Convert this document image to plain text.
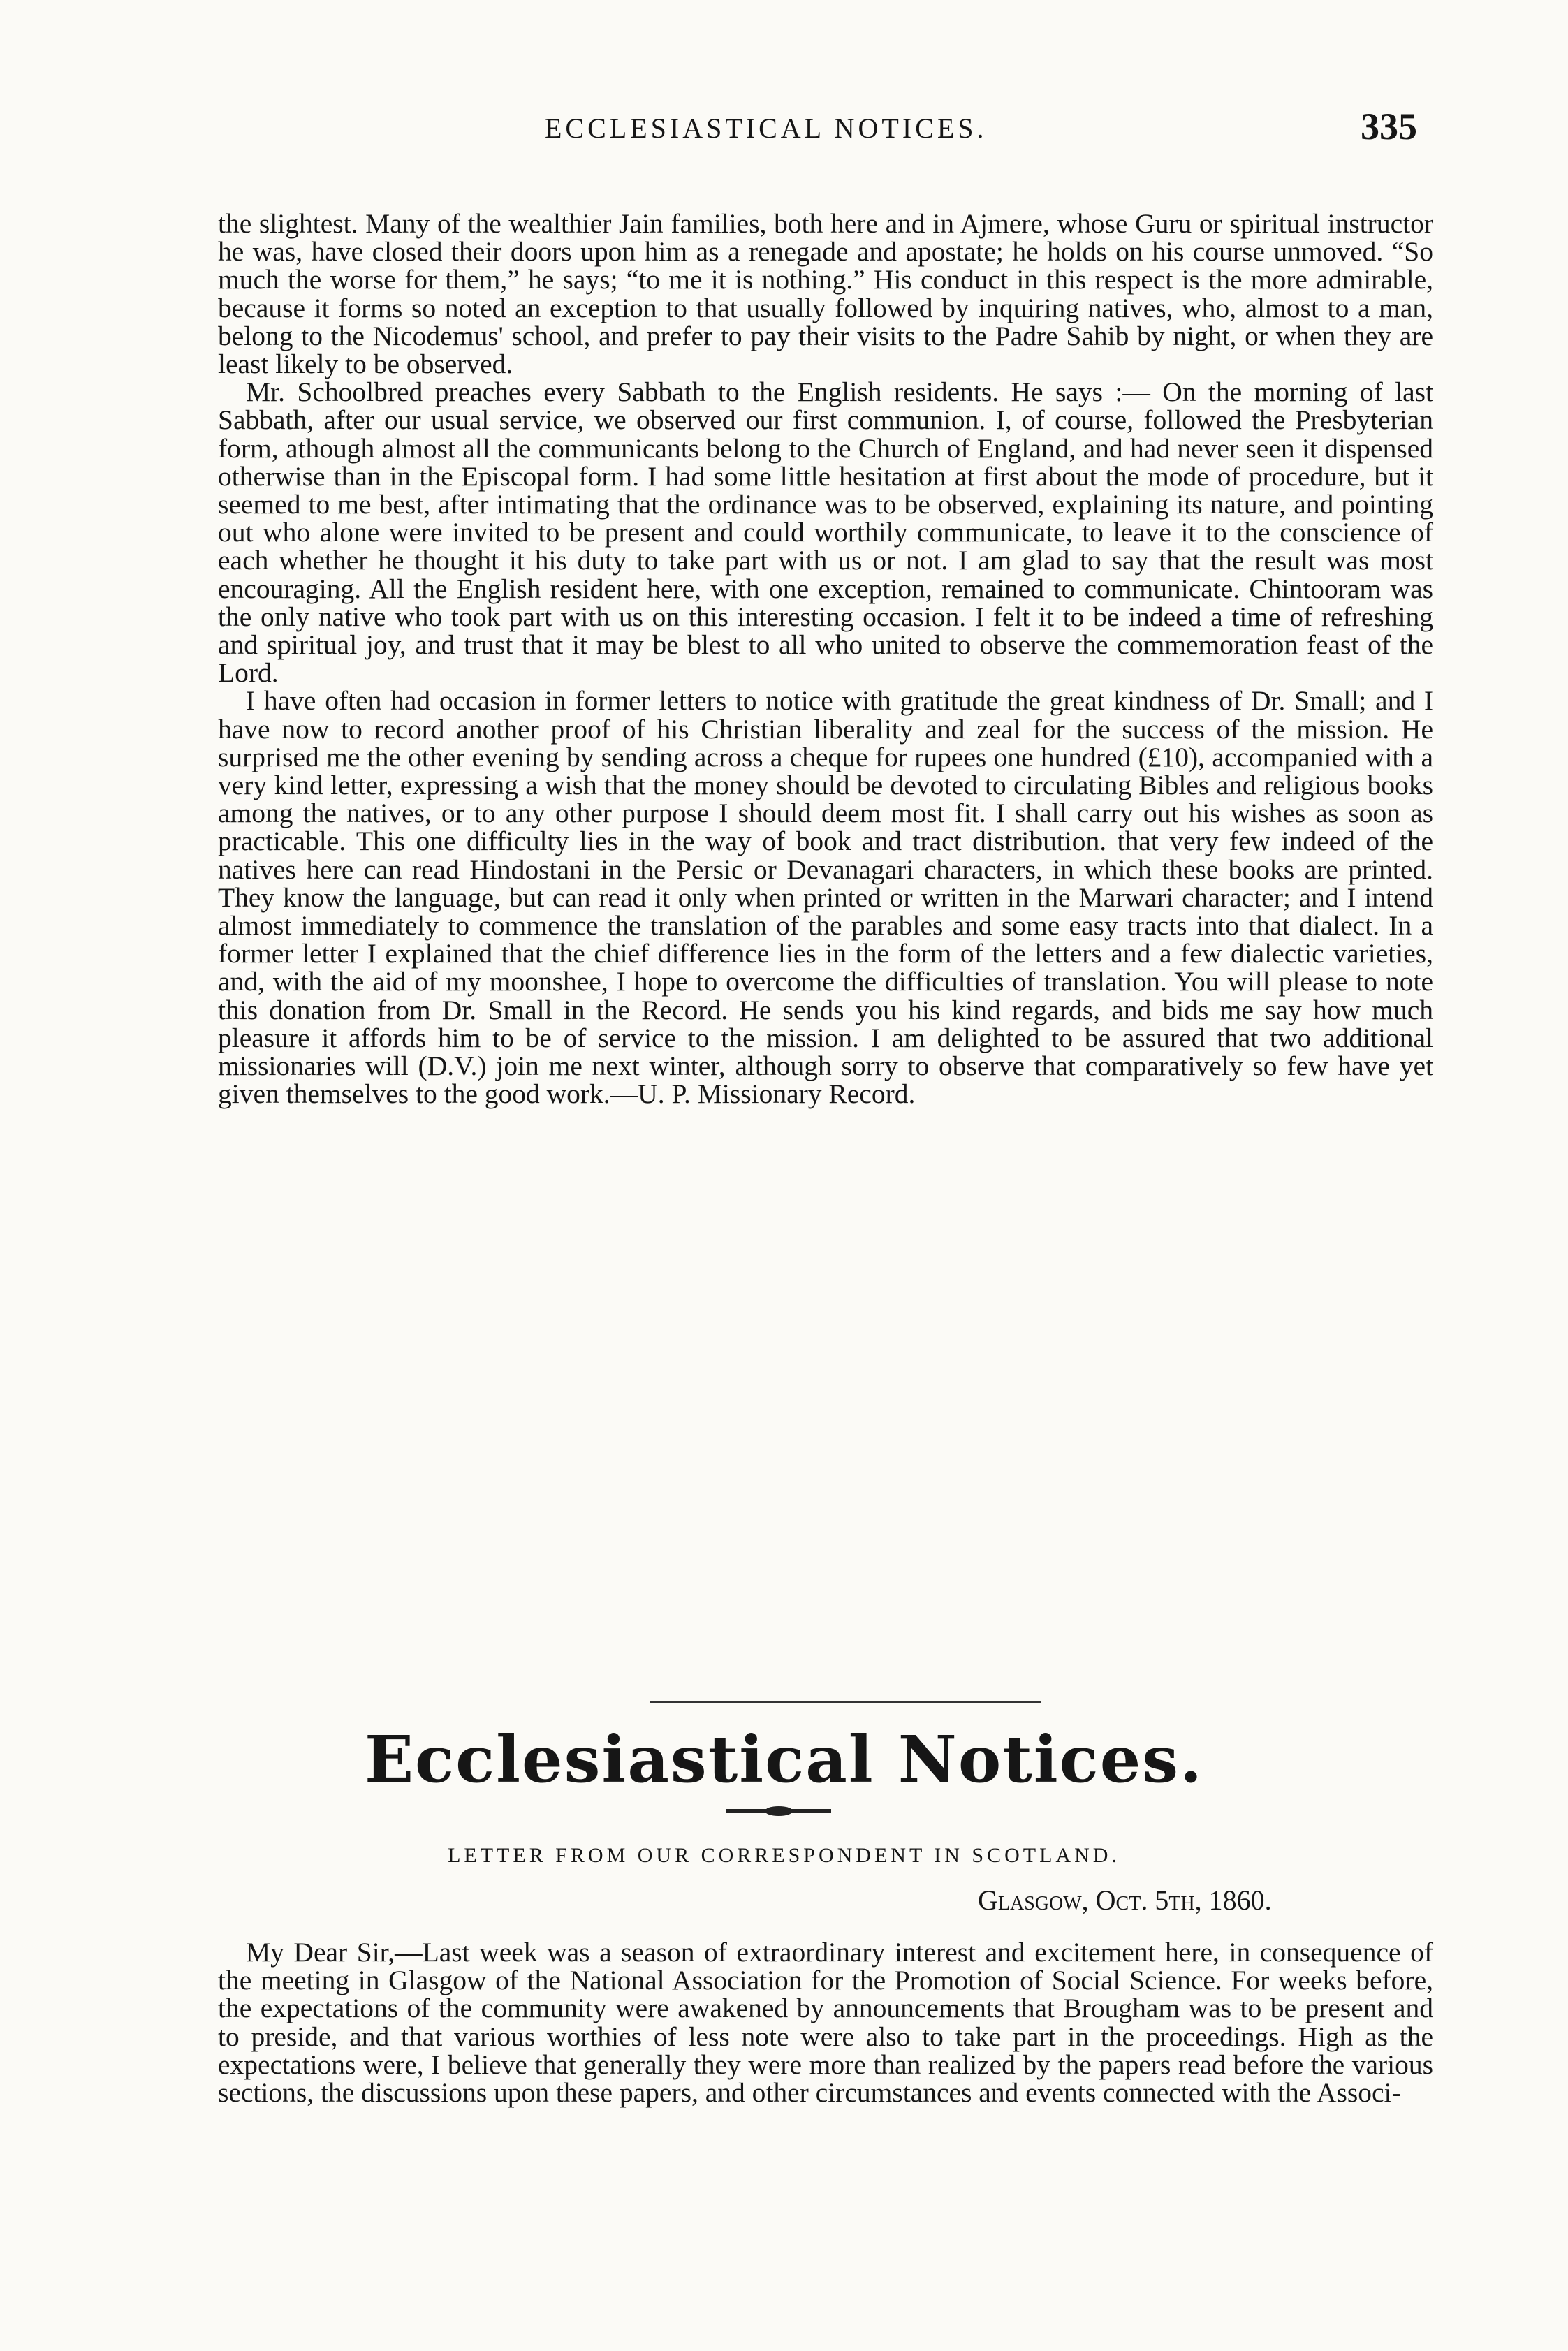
ECCLESIASTICAL NOTICES.	335

the slightest. Many of the wealthier Jain families, both here and in Ajmere, whose Guru or spiritual instructor he was, have closed their doors upon him as a renegade and apostate; he holds on his course unmoved. “So much the worse for them,” he says; “to me it is nothing.” His conduct in this respect is the more admirable, because it forms so noted an exception to that usually followed by inquiring natives, who, almost to a man, belong to the Nicodemus' school, and prefer to pay their visits to the Padre Sahib by night, or when they are least likely to be observed.

Mr. Schoolbred preaches every Sabbath to the English residents. He says :— On the morning of last Sabbath, after our usual service, we observed our first communion. I, of course, followed the Presbyterian form, athough almost all the communicants belong to the Church of England, and had never seen it dispensed otherwise than in the Episcopal form. I had some little hesitation at first about the mode of procedure, but it seemed to me best, after intimating that the ordinance was to be observed, explaining its nature, and pointing out who alone were invited to be present and could worthily communicate, to leave it to the conscience of each whether he thought it his duty to take part with us or not. I am glad to say that the result was most encouraging. All the English resident here, with one exception, remained to communicate. Chintooram was the only native who took part with us on this interesting occasion. I felt it to be indeed a time of refreshing and spiritual joy, and trust that it may be blest to all who united to observe the commemoration feast of the Lord.

I have often had occasion in former letters to notice with gratitude the great kindness of Dr. Small; and I have now to record another proof of his Christian liberality and zeal for the success of the mission. He surprised me the other evening by sending across a cheque for rupees one hundred (£10), accompanied with a very kind letter, expressing a wish that the money should be devoted to circulating Bibles and religious books among the natives, or to any other purpose I should deem most fit. I shall carry out his wishes as soon as practicable. This one difficulty lies in the way of book and tract distribution. that very few indeed of the natives here can read Hindostani in the Persic or Devanagari characters, in which these books are printed. They know the language, but can read it only when printed or written in the Marwari character; and I intend almost immediately to commence the translation of the parables and some easy tracts into that dialect. In a former letter I explained that the chief difference lies in the form of the letters and a few dialectic varieties, and, with the aid of my moonshee, I hope to overcome the difficulties of translation. You will please to note this donation from Dr. Small in the Record. He sends you his kind regards, and bids me say how much pleasure it affords him to be of service to the mission. I am delighted to be assured that two additional missionaries will (D.V.) join me next winter, although sorry to observe that comparatively so few have yet given themselves to the good work.—U. P. Missionary Record.

Ecclesiastical Notices.
LETTER FROM OUR CORRESPONDENT IN SCOTLAND.
Glasgow, Oct. 5th, 1860.

My Dear Sir,—Last week was a season of extraordinary interest and excitement here, in consequence of the meeting in Glasgow of the National Association for the Promotion of Social Science. For weeks before, the expectations of the community were awakened by announcements that Brougham was to be present and to preside, and that various worthies of less note were also to take part in the proceedings. High as the expectations were, I believe that generally they were more than realized by the papers read before the various sections, the discussions upon these papers, and other circumstances and events connected with the Associ-
